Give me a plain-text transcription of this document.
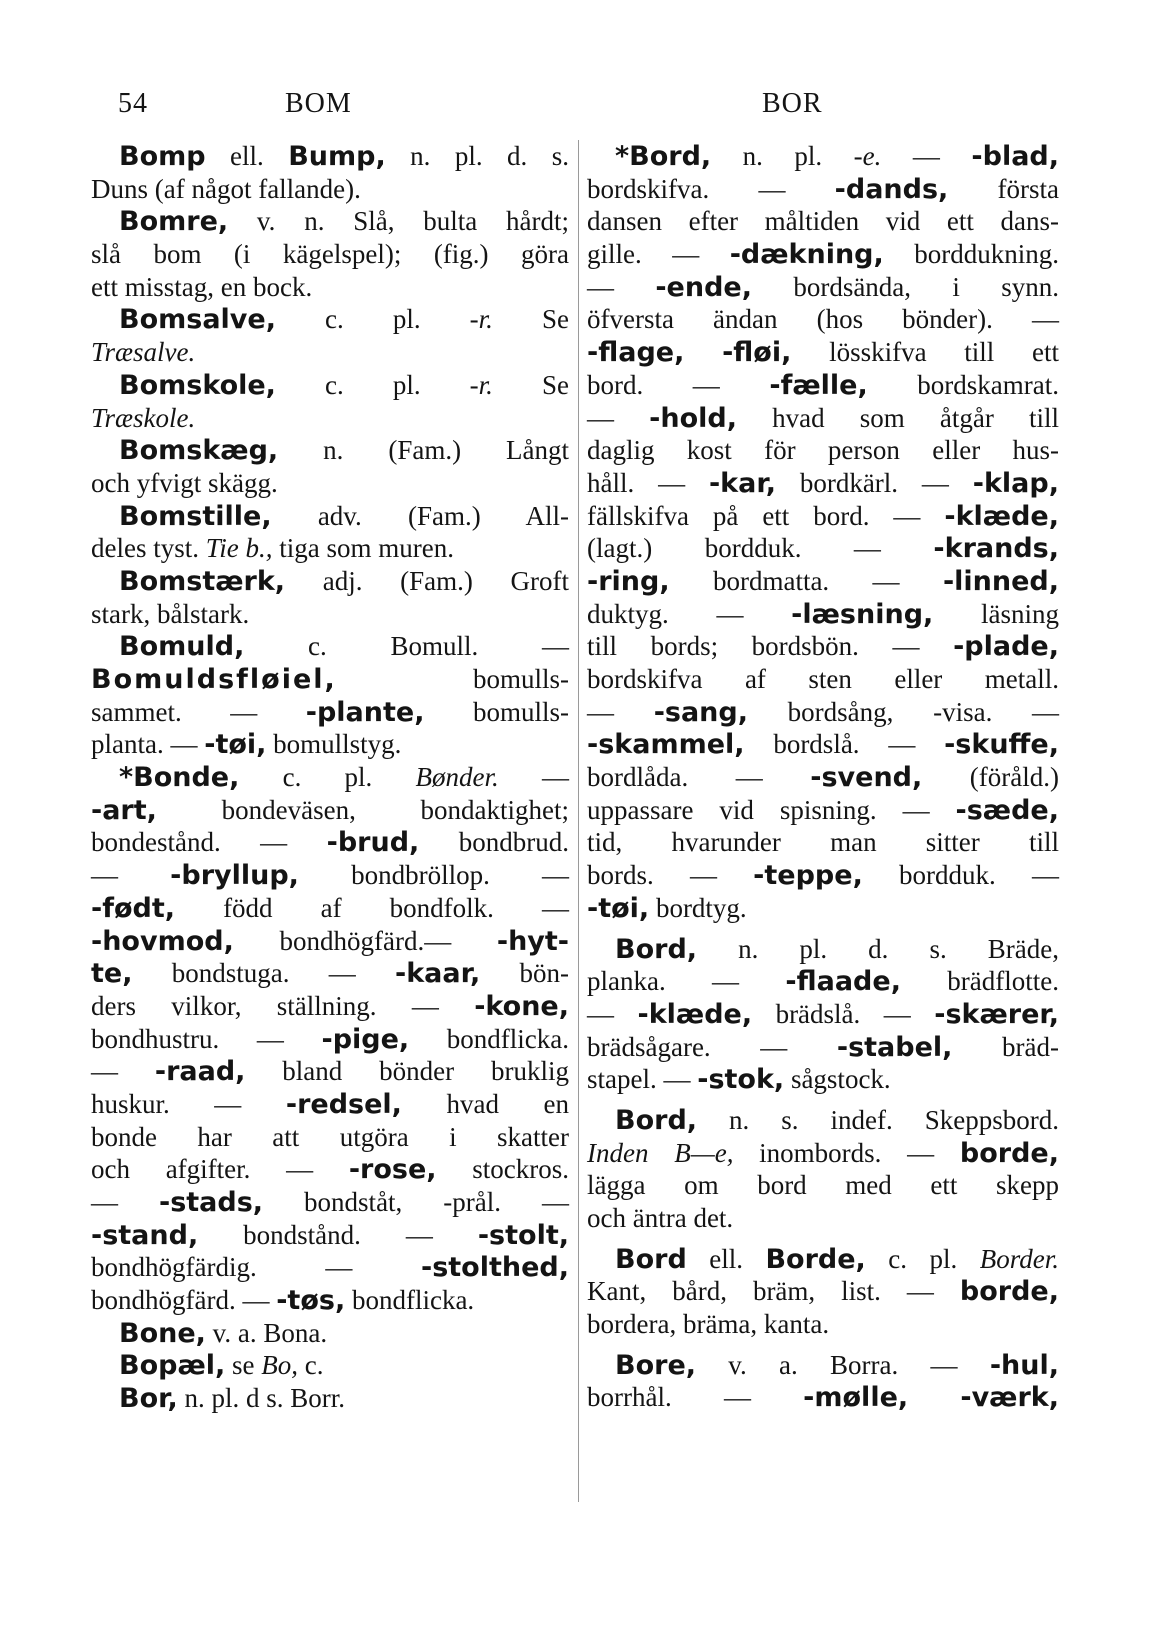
54	BOM	BOR
Bomp ell. Bump, n. pl. d. s.
Duns (af något fallande).
Bomre, v. n. Slå, bulta hårdt;
slå bom (i kägelspel); (fig.) göra
ett misstag, en bock.
Bomsalve, c. pl. -r. Se
Træsalve.
Bomskole, c. pl. -r. Se
Træskole.
Bomskæg, n. (Fam.) Långt
och yfvigt skägg.
Bomstille, adv. (Fam.) All-
deles tyst. Tie b., tiga som muren.
Bomstærk, adj. (Fam.) Groft
stark, bålstark.
Bomuld, c. Bomull. —
Bomuldsfløiel, bomulls-
sammet. — -plante, bomulls-
planta. — -tøi, bomullstyg.
*Bonde, c. pl. Bønder. —
-art, bondeväsen, bondaktighet;
bondestånd. — -brud, bondbrud.
— -bryllup, bondbröllop. —
-født, född af bondfolk. —
-hovmod, bondhögfärd.— -hyt-
te, bondstuga. — -kaar, bön-
ders vilkor, ställning. — -kone,
bondhustru. — -pige, bondflicka.
— -raad, bland bönder bruklig
huskur. — -redsel, hvad en
bonde har att utgöra i skatter
och afgifter. — -rose, stockros.
— -stads, bondståt, -prål. —
-stand, bondstånd. — -stolt,
bondhögfärdig. — -stolthed,
bondhögfärd. — -tøs, bondflicka.
Bone, v. a. Bona.
Bopæl, se Bo, c.
Bor, n. pl. d s. Borr.
*Bord, n. pl. -e. — -blad,
bordskifva. — -dands, första
dansen efter måltiden vid ett dans-
gille. — -dækning, borddukning.
— -ende, bordsända, i synn.
öfversta ändan (hos bönder). —
-flage, -fløi, lösskifva till ett
bord. — -fælle, bordskamrat.
— -hold, hvad som åtgår till
daglig kost för person eller hus-
håll. — -kar, bordkärl. — -klap,
fällskifva på ett bord. — -klæde,
(lagt.) bordduk. — -krands,
-ring, bordmatta. — -linned,
duktyg. — -læsning, läsning
till bords; bordsbön. — -plade,
bordskifva af sten eller metall.
— -sang, bordsång, -visa. —
-skammel, bordslå. — -skuffe,
bordlåda. — -svend, (föråld.)
uppassare vid spisning. — -sæde,
tid, hvarunder man sitter till
bords. — -teppe, bordduk. —
-tøi, bordtyg.
Bord, n. pl. d. s. Bräde,
planka. — -flaade, brädflotte.
— -klæde, brädslå. — -skærer,
brädsågare. — -stabel, bräd-
stapel. — -stok, sågstock.
Bord, n. s. indef. Skeppsbord.
Inden B—e, inombords. — borde,
lägga om bord med ett skepp
och äntra det.
Bord ell. Borde, c. pl. Border.
Kant, bård, bräm, list. — borde,
bordera, bräma, kanta.
Bore, v. a. Borra. — -hul,
borrhål. — -mølle, -værk,
